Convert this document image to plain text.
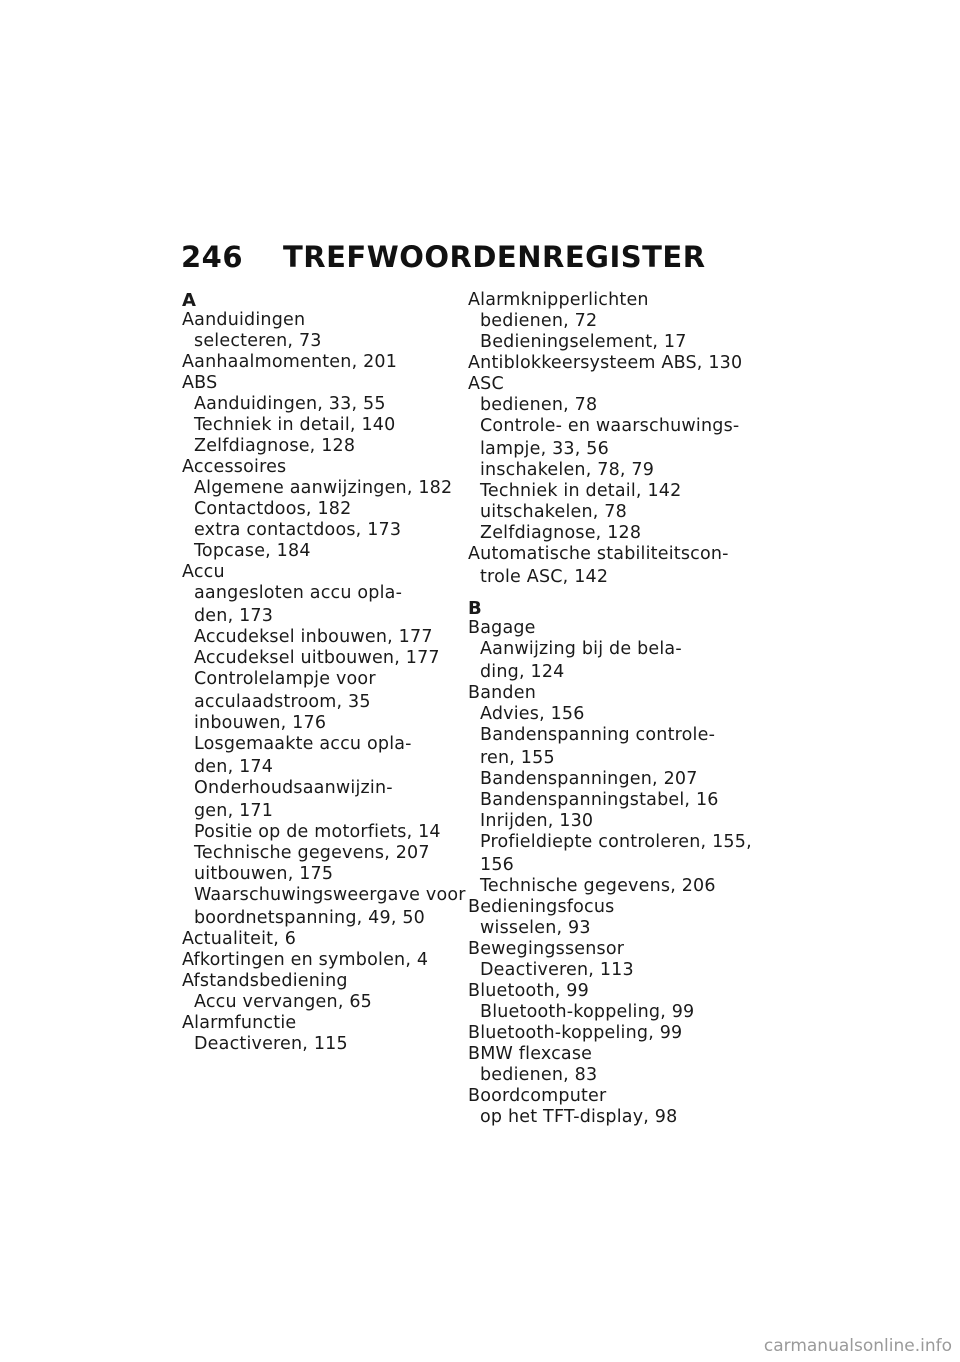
246 TREFWOORDENREGISTER
A
Aanduidingen
selecteren, 73
Aanhaalmomenten, 201
ABS
Aanduidingen, 33, 55
Techniek in detail, 140
Zelfdiagnose, 128
Accessoires
Algemene aanwijzingen, 182
Contactdoos, 182
extra contactdoos, 173
Topcase, 184
Accu
aangesloten accu opla-
den, 173
Accudeksel inbouwen, 177
Accudeksel uitbouwen, 177
Controlelampje voor
acculaadstroom, 35
inbouwen, 176
Losgemaakte accu opla-
den, 174
Onderhoudsaanwijzin-
gen, 171
Positie op de motorfiets, 14
Technische gegevens, 207
uitbouwen, 175
Waarschuwingsweergave voor
boordnetspanning, 49, 50
Actualiteit, 6
Afkortingen en symbolen, 4
Afstandsbediening
Accu vervangen, 65
Alarmfunctie
Deactiveren, 115
Alarmknipperlichten
bedienen, 72
Bedieningselement, 17
Antiblokkeersysteem ABS, 130
ASC
bedienen, 78
Controle- en waarschuwings-
lampje, 33, 56
inschakelen, 78, 79
Techniek in detail, 142
uitschakelen, 78
Zelfdiagnose, 128
Automatische stabiliteitscon-
trole ASC, 142
B
Bagage
Aanwijzing bij de bela-
ding, 124
Banden
Advies, 156
Bandenspanning controle-
ren, 155
Bandenspanningen, 207
Bandenspanningstabel, 16
Inrijden, 130
Profieldiepte controleren, 155,
156
Technische gegevens, 206
Bedieningsfocus
wisselen, 93
Bewegingssensor
Deactiveren, 113
Bluetooth, 99
Bluetooth-koppeling, 99
Bluetooth-koppeling, 99
BMW flexcase
bedienen, 83
Boordcomputer
op het TFT-display, 98
carmanualsonline.info
